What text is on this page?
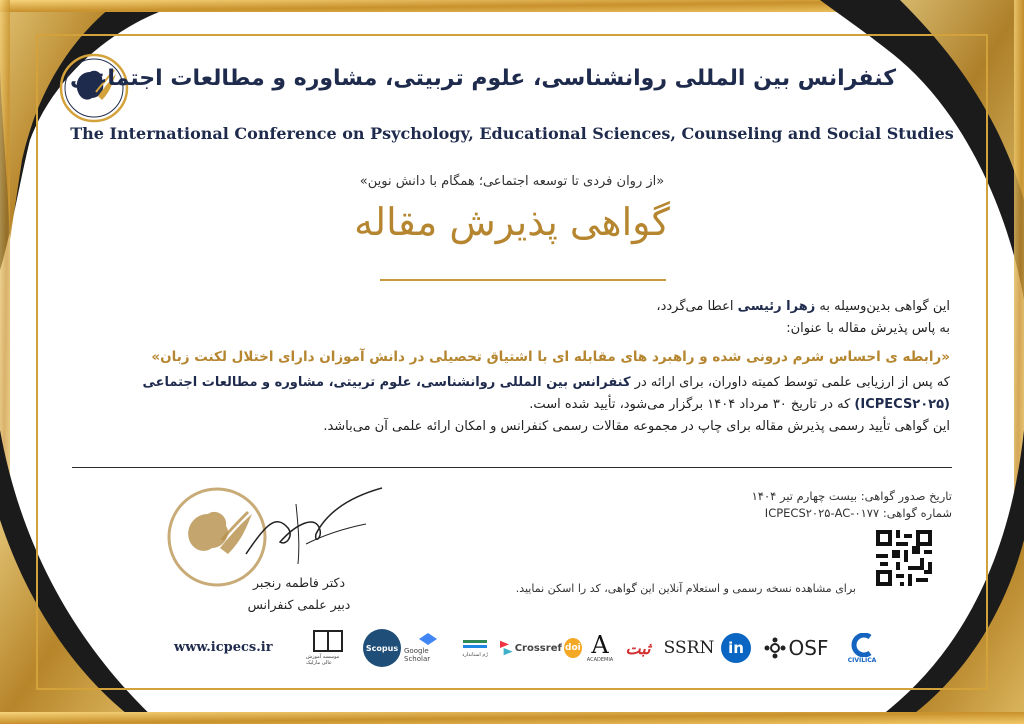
کنفرانس بین المللی روانشناسی، علوم تربیتی، مشاوره و مطالعات اجتماعی
The International Conference on Psychology, Educational Sciences, Counseling and Social Studies
«از روان فردی تا توسعه اجتماعی؛ همگام با دانش نوین»
گواهی پذیرش مقاله

این گواهی بدین‌وسیله به زهرا رئیسی اعطا می‌گردد،

به پاس پذیرش مقاله با عنوان:

«رابطه ی احساس شرم درونی شده و راهبرد های مقابله ای با اشتیاق تحصیلی در دانش آموزان دارای اختلال لکنت زبان»

که پس از ارزیابی علمی توسط کمیته داوران، برای ارائه در کنفرانس بین المللی روانشناسی، علوم تربیتی، مشاوره و مطالعات اجتماعی (ICPECS۲۰۲۵) که در تاریخ ۳۰ مرداد ۱۴۰۴ برگزار می‌شود، تأیید شده است.

این گواهی تأیید رسمی پذیرش مقاله برای چاپ در مجموعه مقالات رسمی کنفرانس و امکان ارائه علمی آن می‌باشد.

تاریخ صدور گواهی: بیست چهارم تیر ۱۴۰۴
شماره گواهی: ICPECS۲۰۲۵-AC-۰۱۷۷
برای مشاهده نسخه رسمی و استعلام آنلاین این گواهی، کد را اسکن نمایید.
دکتر فاطمه رنجبر
دبیر علمی کنفرانس
www.icpecs.ir
موسسه آموزش عالی مارلیک
Scopus Google Scholar	رُم استاندارد
Crossref doi A
ACADEMIA
ثبت SSRN in	OSF	CIVILICA
